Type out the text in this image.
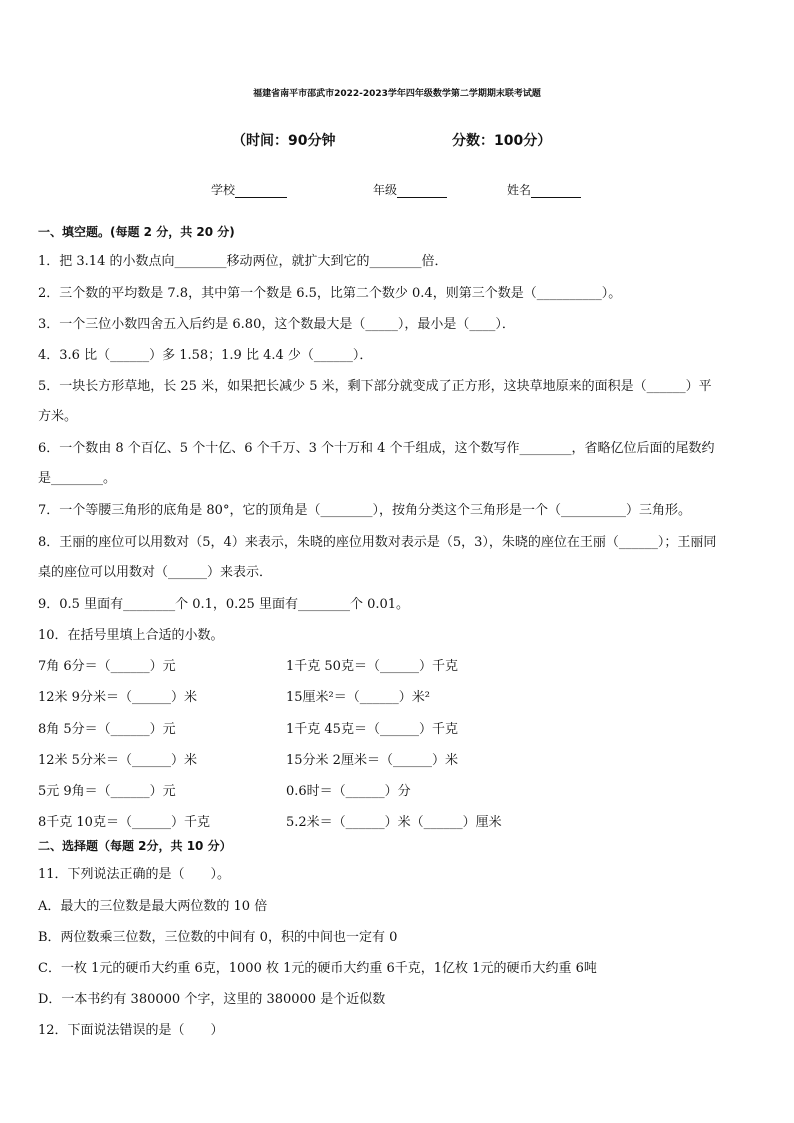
福建省南平市邵武市2022-2023学年四年级数学第二学期期末联考试题
（时间：90分钟	分数：100分）
学校	年级	姓名
一、填空题。(每题 2 分，共 20 分)
1．把 3.14 的小数点向________移动两位，就扩大到它的________倍．
2．三个数的平均数是 7.8，其中第一个数是 6.5，比第二个数少 0.4，则第三个数是（__________）。
3．一个三位小数四舍五入后约是 6.80，这个数最大是（_____），最小是（____）．
4．3.6 比（______）多 1.58；1.9 比 4.4 少（______）．
5．一块长方形草地，长 25 米，如果把长减少 5 米，剩下部分就变成了正方形，这块草地原来的面积是（______）平
方米。
6．一个数由 8 个百亿、5 个十亿、6 个千万、3 个十万和 4 个千组成，这个数写作________，省略亿位后面的尾数约
是________。
7．一个等腰三角形的底角是 80°，它的顶角是（________），按角分类这个三角形是一个（__________）三角形。
8．王丽的座位可以用数对（5，4）来表示，朱晓的座位用数对表示是（5，3），朱晓的座位在王丽（______）；王丽同
桌的座位可以用数对（______）来表示．
9．0.5 里面有________个 0.1，0.25 里面有________个 0.01。
10．在括号里填上合适的小数。
7角 6分＝（______）元	1千克 50克＝（______）千克
12米 9分米＝（______）米	15厘米²＝（______）米²
8角 5分＝（______）元	1千克 45克＝（______）千克
12米 5分米＝（______）米	15分米 2厘米＝（______）米
5元 9角＝（______）元	0.6时＝（______）分
8千克 10克＝（______）千克	5.2米＝（______）米（______）厘米
二、选择题（每题 2分，共 10 分）
11．下列说法正确的是（　　）。
A．最大的三位数是最大两位数的 10 倍
B．两位数乘三位数，三位数的中间有 0，积的中间也一定有 0
C．一枚 1元的硬币大约重 6克，1000 枚 1元的硬币大约重 6千克，1亿枚 1元的硬币大约重 6吨
D．一本书约有 380000 个字，这里的 380000 是个近似数
12．下面说法错误的是（　　）
